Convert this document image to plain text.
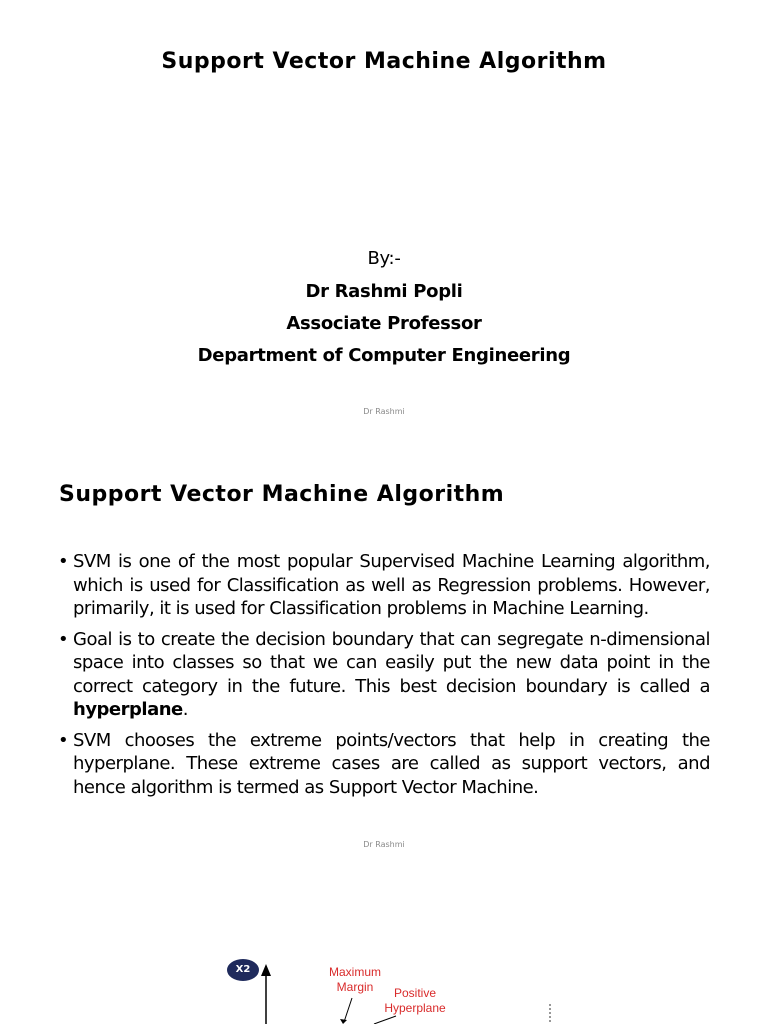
Support Vector Machine Algorithm
By:-
Dr Rashmi Popli
Associate Professor
Department of Computer Engineering
Dr Rashmi
Support Vector Machine Algorithm
• SVM is one of the most popular Supervised Machine Learning algorithm, which is used for Classification as well as Regression problems. However, primarily, it is used for Classification problems in Machine Learning.
• Goal is to create the decision boundary that can segregate n-dimensional space into classes so that we can easily put the new data point in the correct category in the future. This best decision boundary is called a hyperplane.
• SVM chooses the extreme points/vectors that help in creating the hyperplane. These extreme cases are called as support vectors, and hence algorithm is termed as Support Vector Machine.
Dr Rashmi
X2	Maximum
Margin	Positive
Hyperplane
